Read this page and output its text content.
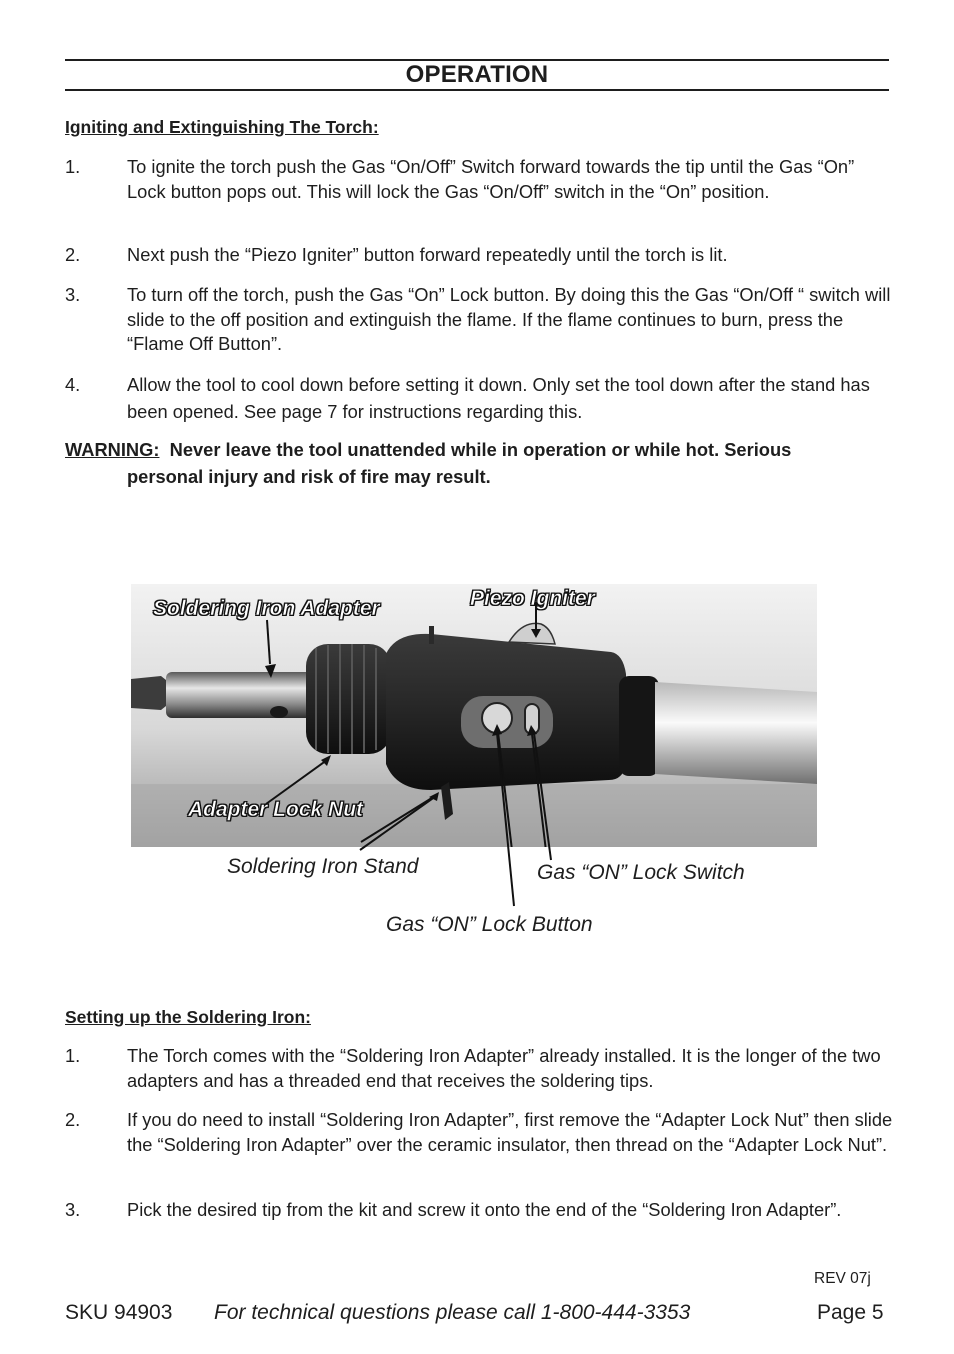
OPERATION
Igniting and Extinguishing The Torch:
1.	To ignite the torch push the Gas “On/Off” Switch forward towards the tip until the Gas “On” Lock button pops out. This will lock the Gas “On/Off” switch in the “On” position.
2.	Next push the “Piezo Igniter” button forward repeatedly until the torch is lit.
3.	To turn off the torch, push the Gas “On” Lock button. By doing this the Gas “On/Off “ switch will slide to the off position and extinguish the flame. If the flame continues to burn, press the “Flame Off Button”.
4.	Allow the tool to cool down before setting it down. Only set the tool down after the stand has been opened. See page 7 for instructions regarding this.
WARNING: Never leave the tool unattended while in operation or while hot. Serious
personal injury and risk of fire may result.
Soldering Iron Adapter	Piezo Igniter
Adapter Lock Nut
Soldering Iron Stand	Gas “ON” Lock Switch
Gas “ON” Lock Button
Setting up the Soldering Iron:
1.	The Torch comes with the “Soldering Iron Adapter” already installed. It is the longer of the two adapters and has a threaded end that receives the soldering tips.
2.	If you do need to install “Soldering Iron Adapter”, first remove the “Adapter Lock Nut” then slide the “Soldering Iron Adapter” over the ceramic insulator, then thread on the “Adapter Lock Nut”.
3.	Pick the desired tip from the kit and screw it onto the end of the “Soldering Iron Adapter”.
REV 07j
SKU 94903 For technical questions please call 1-800-444-3353	Page 5
